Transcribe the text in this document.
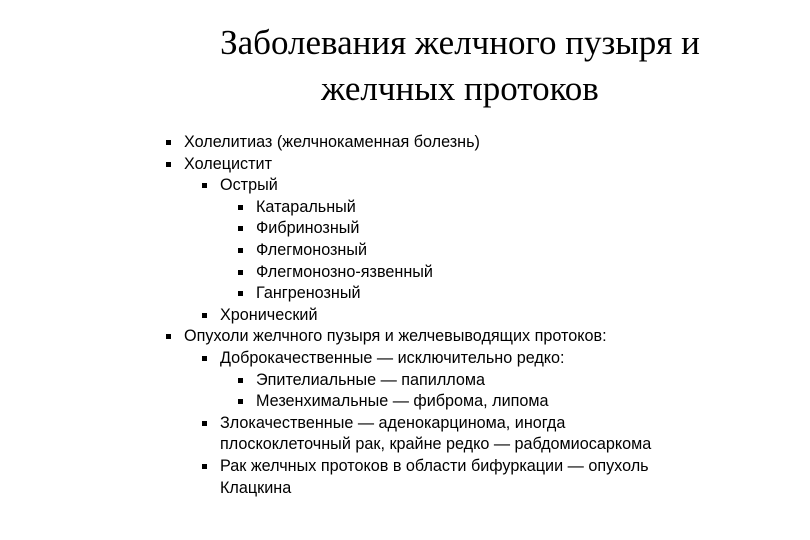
Заболевания желчного пузыря и
желчных протоков
Холелитиаз (желчнокаменная болезнь)
Холецистит
Острый
Катаральный
Фибринозный
Флегмонозный
Флегмонозно-язвенный
Гангренозный
Хронический
Опухоли желчного пузыря и желчевыводящих протоков:
Доброкачественные — исключительно редко:
Эпителиальные — папиллома
Мезенхимальные — фиброма, липома
Злокачественные — аденокарцинома, иногда
плоскоклеточный рак, крайне редко — рабдомиосаркома
Рак желчных протоков в области бифуркации — опухоль
Клацкина
